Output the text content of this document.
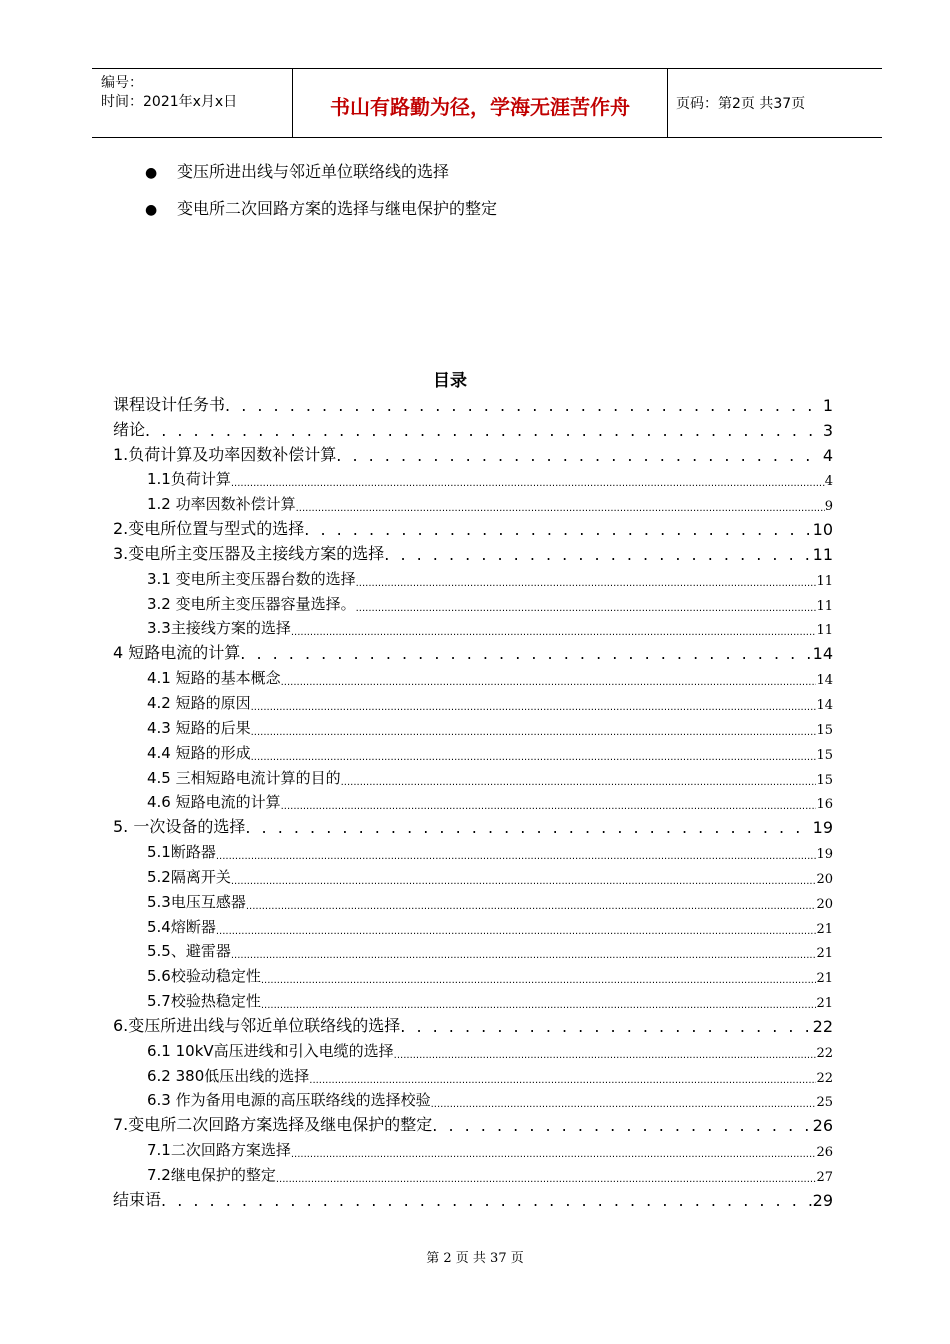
编号：
时间：2021年x月x日	书山有路勤为径，学海无涯苦作舟	页码：第2页 共37页
● 变压所进出线与邻近单位联络线的选择
● 变电所二次回路方案的选择与继电保护的整定
目录
课程设计任务书 . . .	1
绪论 . . .	3
1.负荷计算及功率因数补偿计算 . . .	4
1.1负荷计算 .....	4
1.2 功率因数补偿计算 .....	9
2.变电所位置与型式的选择 . . .	10
3.变电所主变压器及主接线方案的选择 . . .	11
3.1 变电所主变压器台数的选择 .....	11
3.2 变电所主变压器容量选择。 .....	11
3.3主接线方案的选择 .....	11
4 短路电流的计算 . . .	14
4.1 短路的基本概念 .....	14
4.2 短路的原因 .....	14
4.3 短路的后果 .....	15
4.4 短路的形成 .....	15
4.5 三相短路电流计算的目的 .....	15
4.6 短路电流的计算 .....	16
5. 一次设备的选择 . . .	19
5.1断路器 .....	19
5.2隔离开关 .....	20
5.3电压互感器 .....	20
5.4熔断器 .....	21
5.5、避雷器 .....	21
5.6校验动稳定性 .....	21
5.7校验热稳定性 .....	21
6.变压所进出线与邻近单位联络线的选择 . . .	22
6.1 10kV高压进线和引入电缆的选择 .....	22
6.2 380低压出线的选择 .....	22
6.3 作为备用电源的高压联络线的选择校验 .....	25
7.变电所二次回路方案选择及继电保护的整定 . . .	26
7.1二次回路方案选择 .....	26
7.2继电保护的整定 .....	27
结束语 . . .	29
第 2 页 共 37 页
